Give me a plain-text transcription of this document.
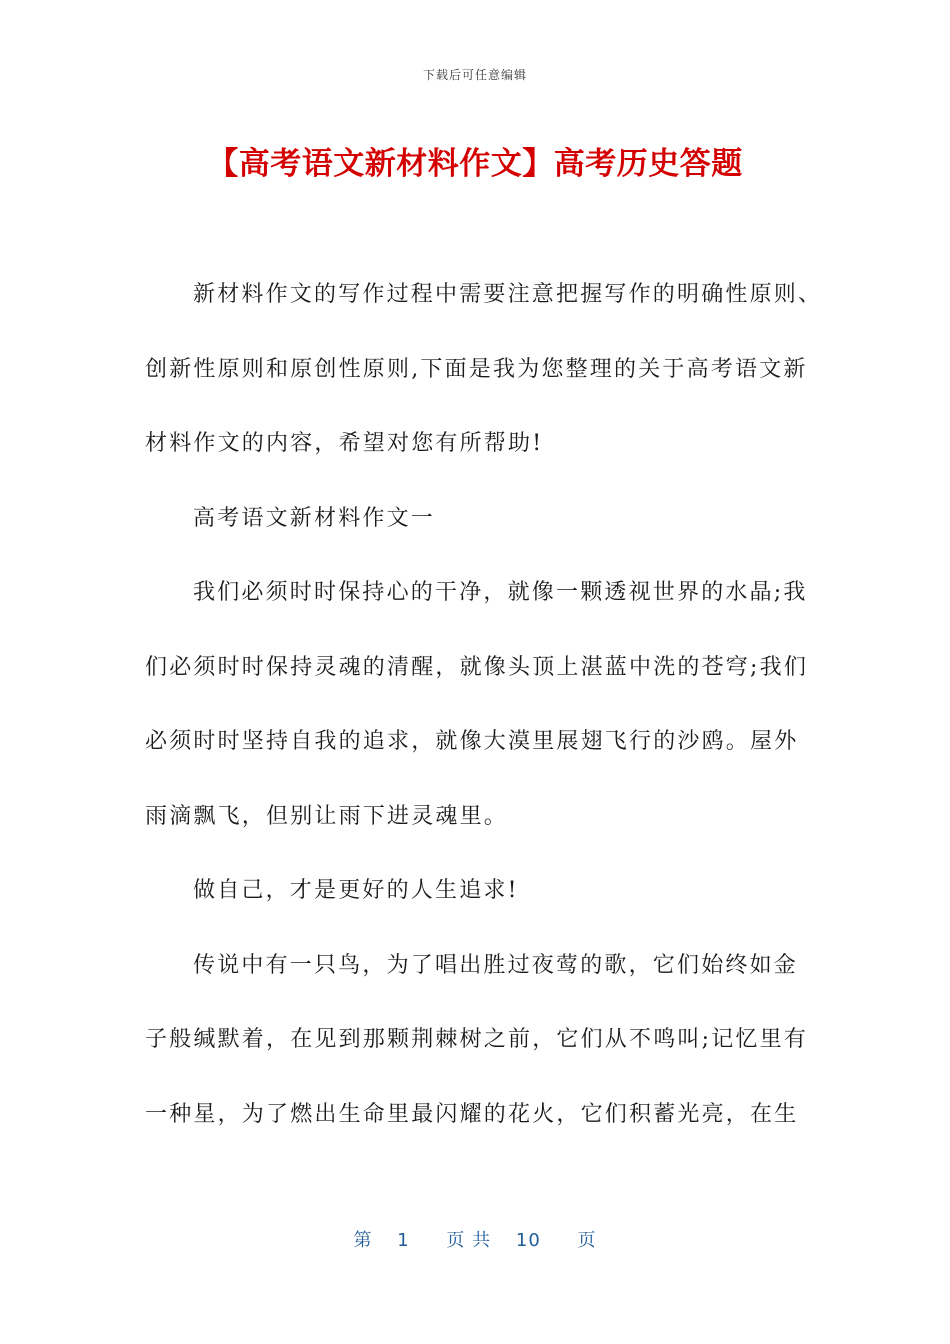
下载后可任意编辑
【高考语文新材料作文】高考历史答题
新材料作文的写作过程中需要注意把握写作的明确性原则、
创新性原则和原创性原则,下面是我为您整理的关于高考语文新
材料作文的内容，希望对您有所帮助!
高考语文新材料作文一
我们必须时时保持心的干净，就像一颗透视世界的水晶;我
们必须时时保持灵魂的清醒，就像头顶上湛蓝中洗的苍穹;我们
必须时时坚持自我的追求，就像大漠里展翅飞行的沙鸥。屋外
雨滴飘飞，但别让雨下进灵魂里。
做自己，才是更好的人生追求!
传说中有一只鸟，为了唱出胜过夜莺的歌，它们始终如金
子般缄默着，在见到那颗荆棘树之前，它们从不鸣叫;记忆里有
一种星，为了燃出生命里最闪耀的花火，它们积蓄光亮，在生
第 1 页 共 10 页
